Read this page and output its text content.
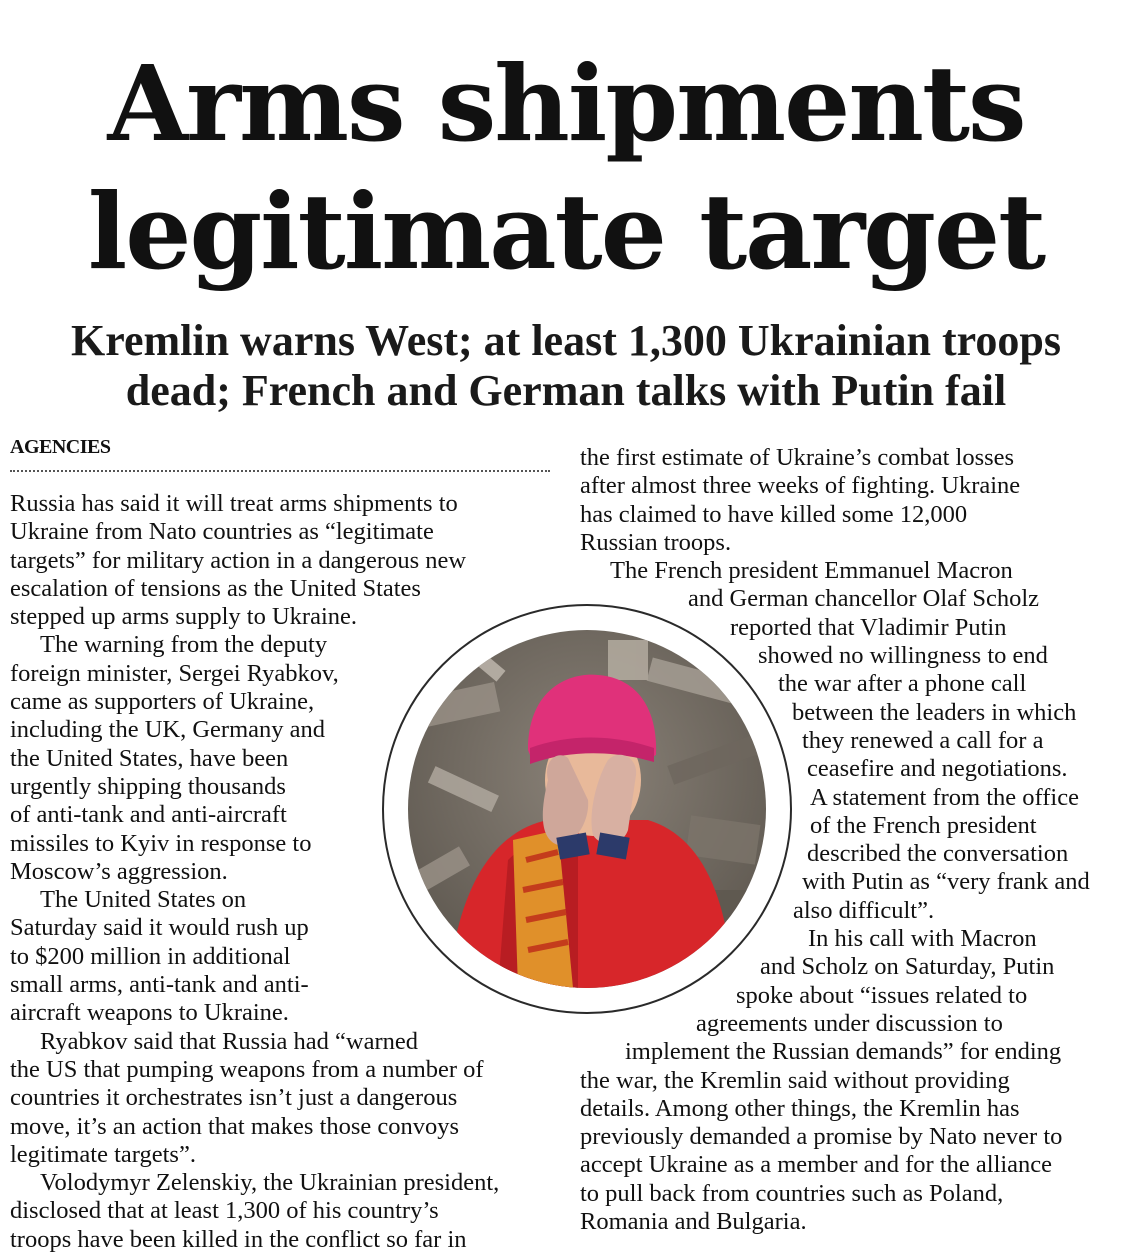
Arms shipments
legitimate target
Kremlin warns West; at least 1,300 Ukrainian troops
dead; French and German talks with Putin fail
AGENCIES
Russia has said it will treat arms shipments to
Ukraine from Nato countries as “legitimate
targets” for military action in a dangerous new
escalation of tensions as the United States
stepped up arms supply to Ukraine.
The warning from the deputy
foreign minister, Sergei Ryabkov,
came as supporters of Ukraine,
including the UK, Germany and
the United States, have been
urgently shipping thousands
of anti-tank and anti-aircraft
missiles to Kyiv in response to
Moscow’s aggression.
The United States on
Saturday said it would rush up
to $200 million in additional
small arms, anti-tank and anti-
aircraft weapons to Ukraine.
Ryabkov said that Russia had “warned
the US that pumping weapons from a number of
countries it orchestrates isn’t just a dangerous
move, it’s an action that makes those convoys
legitimate targets”.
Volodymyr Zelenskiy, the Ukrainian president,
disclosed that at least 1,300 of his country’s
troops have been killed in the conflict so far in
the first estimate of Ukraine’s combat losses
after almost three weeks of fighting. Ukraine
has claimed to have killed some 12,000
Russian troops.
The French president Emmanuel Macron
and German chancellor Olaf Scholz
reported that Vladimir Putin
showed no willingness to end
the war after a phone call
between the leaders in which
they renewed a call for a
ceasefire and negotiations.
A statement from the office
of the French president
described the conversation
with Putin as “very frank and
also difficult”.
In his call with Macron
and Scholz on Saturday, Putin
spoke about “issues related to
agreements under discussion to
implement the Russian demands” for ending
the war, the Kremlin said without providing
details. Among other things, the Kremlin has
previously demanded a promise by Nato never to
accept Ukraine as a member and for the alliance
to pull back from countries such as Poland,
Romania and Bulgaria.
